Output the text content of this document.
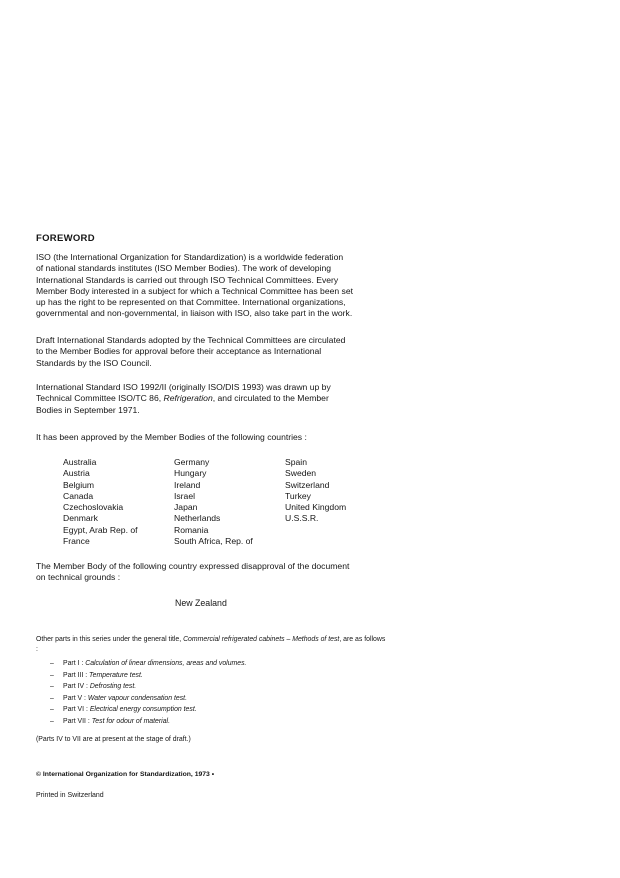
FOREWORD
ISO (the International Organization for Standardization) is a worldwide federation
of national standards institutes (ISO Member Bodies). The work of developing
International Standards is carried out through ISO Technical Committees. Every
Member Body interested in a subject for which a Technical Committee has been set
up has the right to be represented on that Committee. International organizations,
governmental and non-governmental, in liaison with ISO, also take part in the work.
Draft International Standards adopted by the Technical Committees are circulated
to the Member Bodies for approval before their acceptance as International
Standards by the ISO Council.
International Standard ISO 1992/II (originally ISO/DIS 1993) was drawn up by
Technical Committee ISO/TC 86, Refrigeration, and circulated to the Member
Bodies in September 1971.
It has been approved by the Member Bodies of the following countries :
Australia
Austria
Belgium
Canada
Czechoslovakia
Denmark
Egypt, Arab Rep. of
France
Germany
Hungary
Ireland
Israel
Japan
Netherlands
Romania
South Africa, Rep. of
Spain
Sweden
Switzerland
Turkey
United Kingdom
U.S.S.R.
The Member Body of the following country expressed disapproval of the document
on technical grounds :
New Zealand
Other parts in this series under the general title, Commercial refrigerated cabinets – Methods of test, are as follows :
– Part I : Calculation of linear dimensions, areas and volumes.
– Part III : Temperature test.
– Part IV : Defrosting test.
– Part V : Water vapour condensation test.
– Part VI : Electrical energy consumption test.
– Part VII : Test for odour of material.
(Parts IV to VII are at present at the stage of draft.)
© International Organization for Standardization, 1973 •
Printed in Switzerland
